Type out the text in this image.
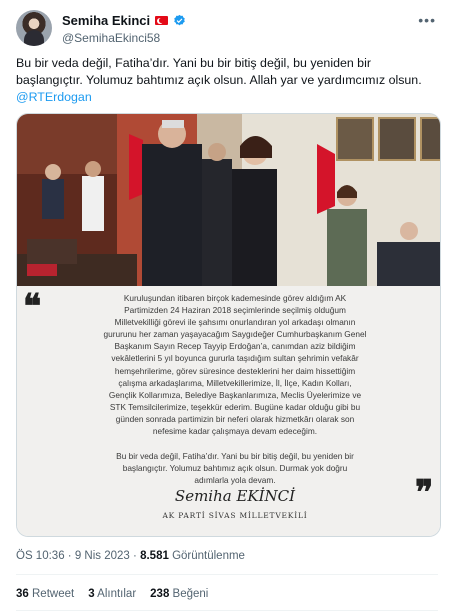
Semiha Ekinci
@SemihaEkinci58
•••
Bu bir veda değil, Fatiha’dır. Yani bu bir bitiş değil, bu yeniden bir başlangıçtır. Yolumuz bahtımız açık olsun. Allah yar ve yardımcımız olsun.
@RTErdogan
❝	Kuruluşundan itibaren birçok kademesinde görev aldığım AK
Partimizden 24 Haziran 2018 seçimlerinde seçilmiş olduğum
Milletvekilliği görevi ile şahsımı onurlandıran yol arkadaşı olmanın
gururunu her zaman yaşayacağım Saygıdeğer Cumhurbaşkanım Genel
Başkanım Sayın Recep Tayyip Erdoğan’a, canımdan aziz bildiğim
vekâletlerini 5 yıl boyunca gururla taşıdığım sultan şehrimin vefakâr
hemşehrilerime, görev süresince desteklerini her daim hissettiğim
çalışma arkadaşlarıma, Milletvekillerimize, İl, İlçe, Kadın Kolları,
Gençlik Kollarımıza, Belediye Başkanlarımıza, Meclis Üyelerimize ve
STK Temsilcilerimize, teşekkür ederim. Bugüne kadar olduğu gibi bu
günden sonrada partimizin bir neferi olarak hizmetkârı olarak son
nefesime kadar çalışmaya devam edeceğim.
Bu bir veda değil, Fatiha’dır. Yani bu bir bitiş değil, bu yeniden bir
başlangıçtır. Yolumuz bahtımız açık olsun. Durmak yok doğru
adımlarla yola devam.
Semiha EKİNCİ
AK PARTİ SİVAS MİLLETVEKİLİ
❞
ÖS 10:36 · 9 Nis 2023 · 8.581 Görüntülenme
36 Retweet 3 Alıntılar 238 Beğeni
